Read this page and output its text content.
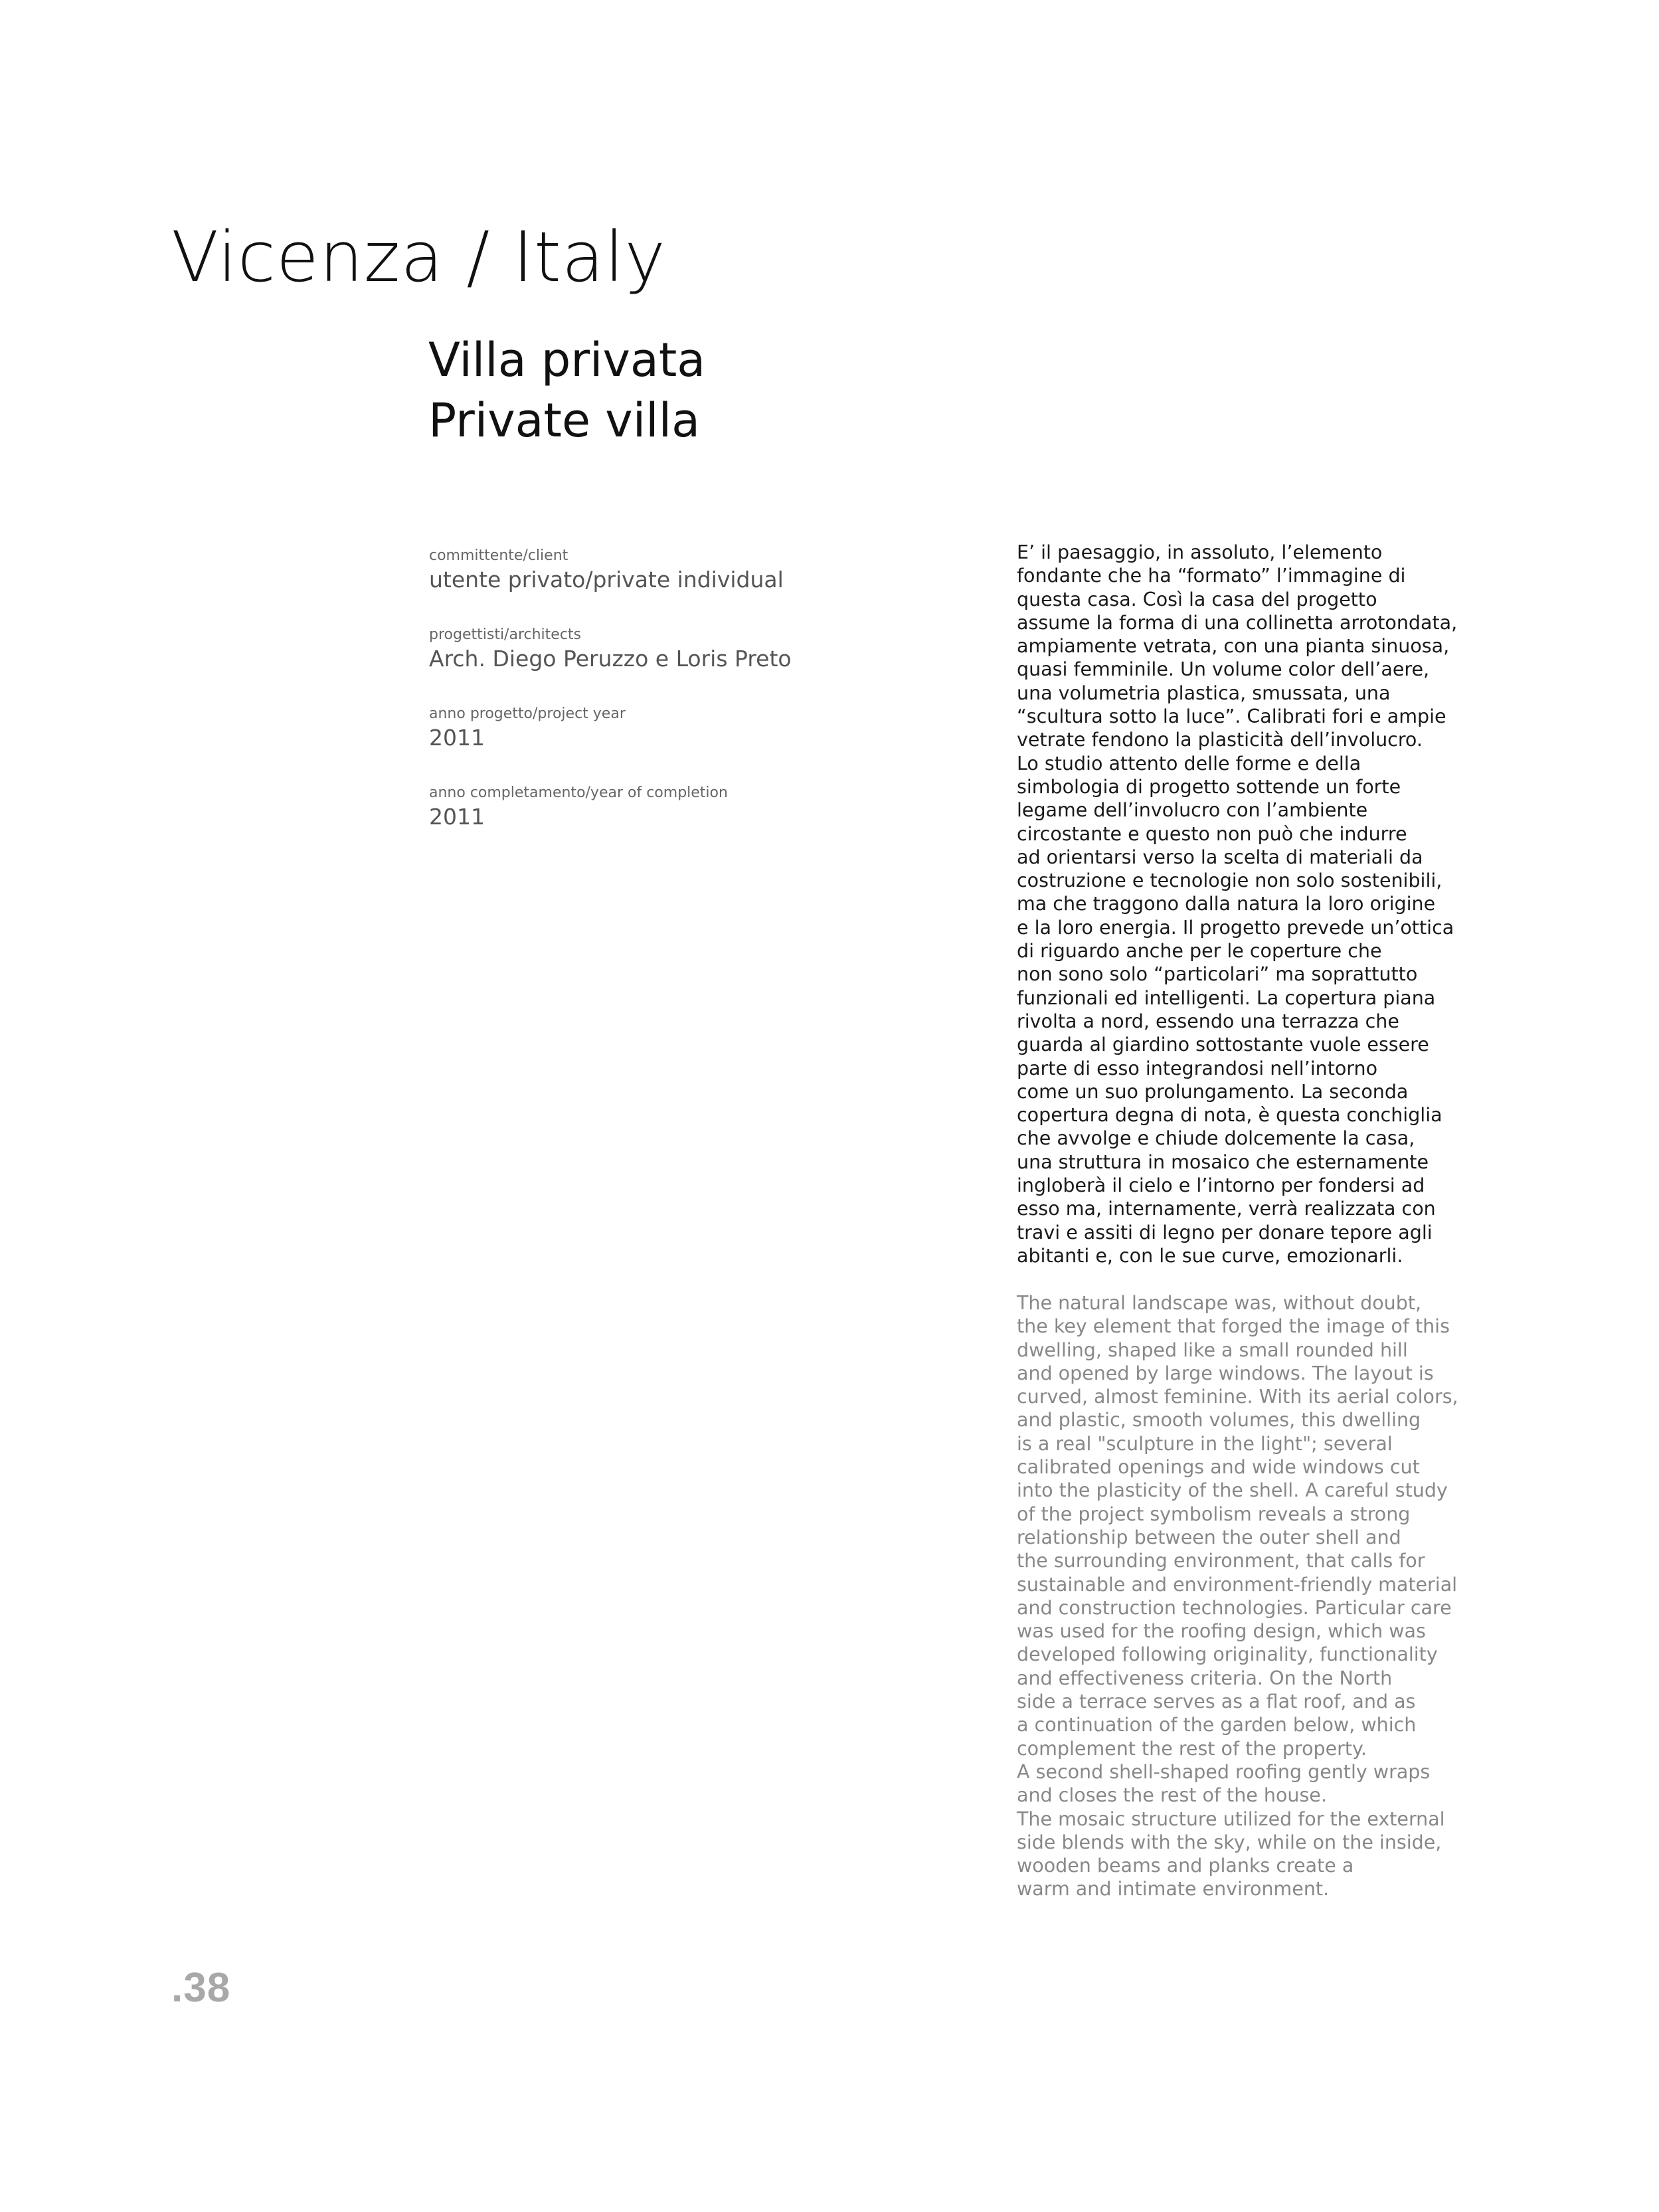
Vicenza / Italy
Villa privata
Private villa
committente/client
utente privato/private individual
progettisti/architects
Arch. Diego Peruzzo e Loris Preto
anno progetto/project year
2011
anno completamento/year of completion
2011
E’ il paesaggio, in assoluto, l’elemento
fondante che ha “formato” l’immagine di
questa casa. Così la casa del progetto
assume la forma di una collinetta arrotondata,
ampiamente vetrata, con una pianta sinuosa,
quasi femminile. Un volume color dell’aere,
una volumetria plastica, smussata, una
“scultura sotto la luce”. Calibrati fori e ampie
vetrate fendono la plasticità dell’involucro.
Lo studio attento delle forme e della
simbologia di progetto sottende un forte
legame dell’involucro con l’ambiente
circostante e questo non può che indurre
ad orientarsi verso la scelta di materiali da
costruzione e tecnologie non solo sostenibili,
ma che traggono dalla natura la loro origine
e la loro energia. Il progetto prevede un’ottica
di riguardo anche per le coperture che
non sono solo “particolari” ma soprattutto
funzionali ed intelligenti. La copertura piana
rivolta a nord, essendo una terrazza che
guarda al giardino sottostante vuole essere
parte di esso integrandosi nell’intorno
come un suo prolungamento. La seconda
copertura degna di nota, è questa conchiglia
che avvolge e chiude dolcemente la casa,
una struttura in mosaico che esternamente
ingloberà il cielo e l’intorno per fondersi ad
esso ma, internamente, verrà realizzata con
travi e assiti di legno per donare tepore agli
abitanti e, con le sue curve, emozionarli.
The natural landscape was, without doubt,
the key element that forged the image of this
dwelling, shaped like a small rounded hill
and opened by large windows. The layout is
curved, almost feminine. With its aerial colors,
and plastic, smooth volumes, this dwelling
is a real "sculpture in the light"; several
calibrated openings and wide windows cut
into the plasticity of the shell. A careful study
of the project symbolism reveals a strong
relationship between the outer shell and
the surrounding environment, that calls for
sustainable and environment-friendly material
and construction technologies. Particular care
was used for the roofing design, which was
developed following originality, functionality
and effectiveness criteria. On the North
side a terrace serves as a flat roof, and as
a continuation of the garden below, which
complement the rest of the property.
A second shell-shaped roofing gently wraps
and closes the rest of the house.
The mosaic structure utilized for the external
side blends with the sky, while on the inside,
wooden beams and planks create a
warm and intimate environment.
.38
